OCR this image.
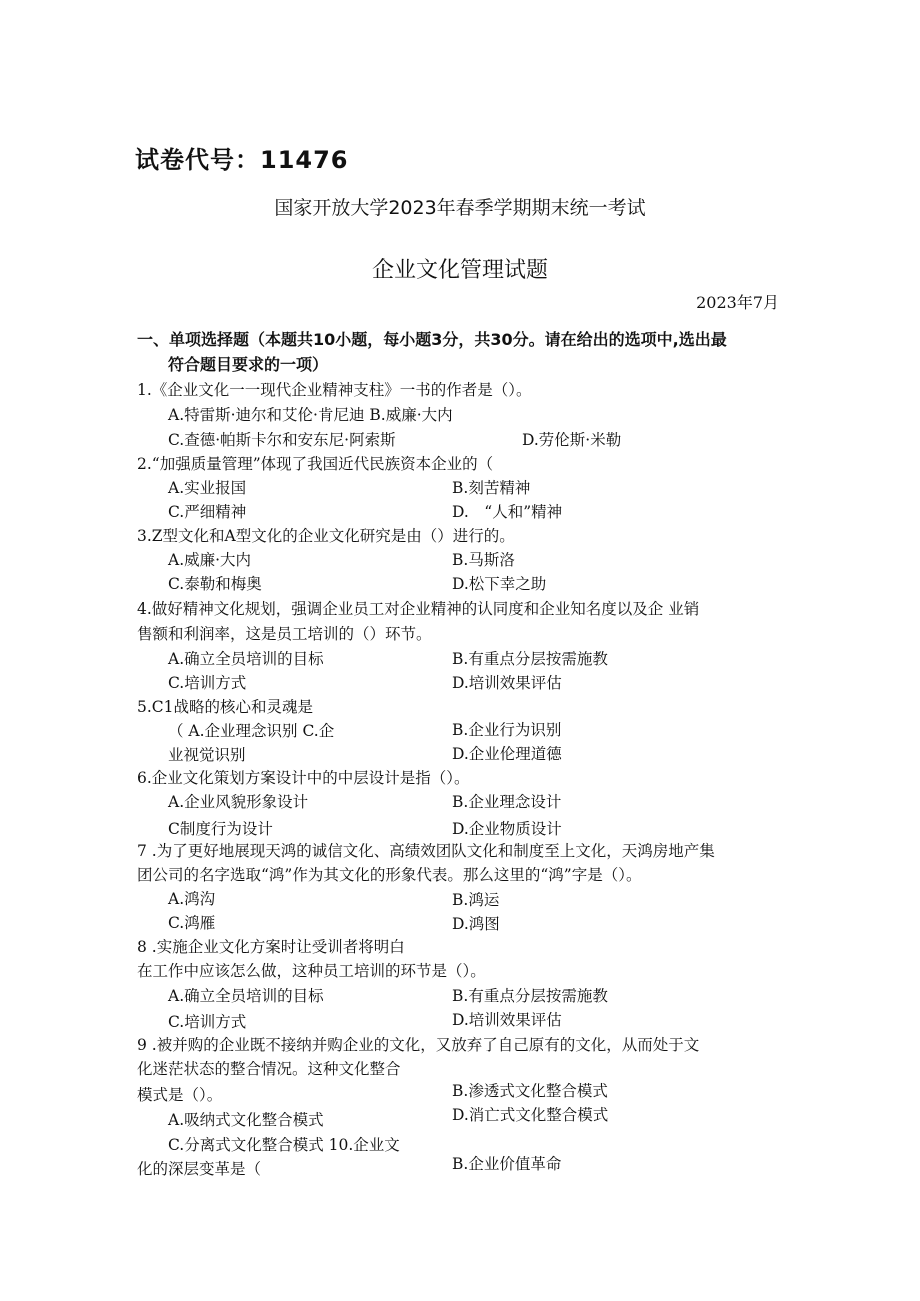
试卷代号：11476
国家开放大学2023年春季学期期末统一考试
企业文化管理试题
2023年7月
一、单项选择题（本题共10小题，每小题3分，共30分。请在给出的选项中,选出最
符合题目要求的一项）
1.《企业文化一一现代企业精神支柱》一书的作者是（）。
A.特雷斯·迪尔和艾伦·肯尼迪 B.威廉·大内
C.查德·帕斯卡尔和安东尼·阿索斯	D.劳伦斯·米勒
2.“加强质量管理”体现了我国近代民族资本企业的（
A.实业报国	B.刻苦精神
C.严细精神	D.　“人和”精神
3.Z型文化和A型文化的企业文化研究是由（）进行的。
A.威廉·大内	B.马斯洛
C.泰勒和梅奥	D.松下幸之助
4.做好精神文化规划，强调企业员工对企业精神的认同度和企业知名度以及企 业销
售额和利润率，这是员工培训的（）环节。
A.确立全员培训的目标	B.有重点分层按需施教
C.培训方式	D.培训效果评估
5.C1战略的核心和灵魂是
（ A.企业理念识别 C.企	B.企业行为识别
业视觉识别	D.企业伦理道德
6.企业文化策划方案设计中的中层设计是指（）。
A.企业风貌形象设计	B.企业理念设计
C制度行为设计	D.企业物质设计
7 .为了更好地展现天鸿的诚信文化、高绩效团队文化和制度至上文化，天鸿房地产集
团公司的名字选取“鸿”作为其文化的形象代表。那么这里的“鸿”字是（）。
A.鸿沟	B.鸿运
C.鸿雁	D.鸿图
8 .实施企业文化方案时让受训者将明白
在工作中应该怎么做，这种员工培训的环节是（）。
A.确立全员培训的目标	B.有重点分层按需施教
C.培训方式	D.培训效果评估
9 .被并购的企业既不接纳并购企业的文化，又放弃了自己原有的文化，从而处于文
化迷茫状态的整合情况。这种文化整合
模式是（）。	B.渗透式文化整合模式
A.吸纳式文化整合模式	D.消亡式文化整合模式
C.分离式文化整合模式 10.企业文
化的深层变革是（	B.企业价值革命
